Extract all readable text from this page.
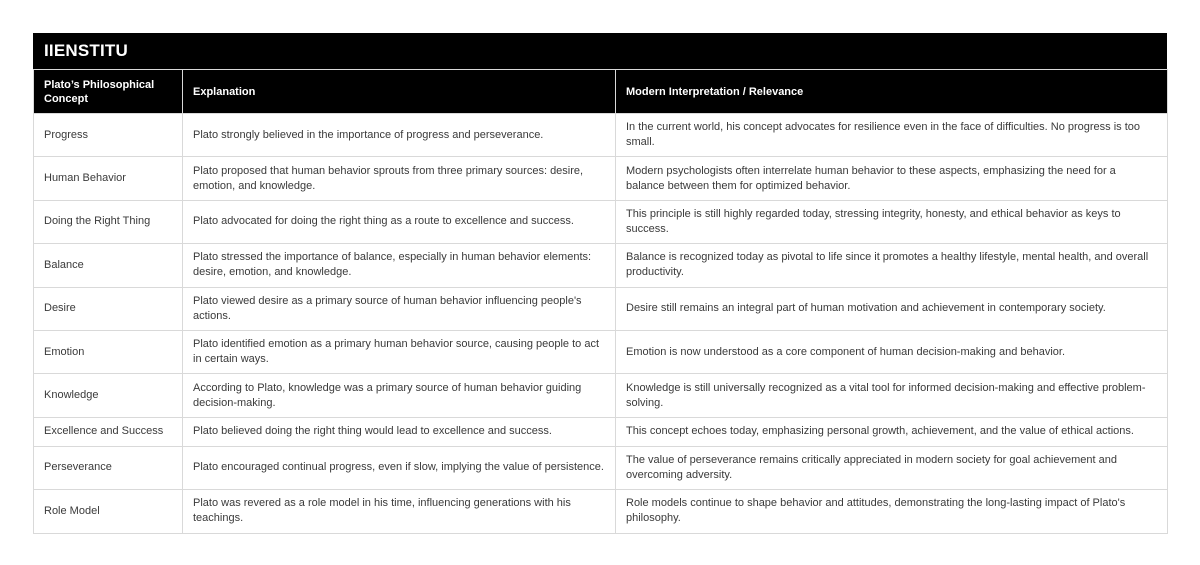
IIENSTITU
Plato’s Philosophical Concept	Explanation	Modern Interpretation / Relevance
Progress	Plato strongly believed in the importance of progress and perseverance.	In the current world, his concept advocates for resilience even in the face of difficulties. No progress is too small.
Human Behavior	Plato proposed that human behavior sprouts from three primary sources: desire, emotion, and knowledge.	Modern psychologists often interrelate human behavior to these aspects, emphasizing the need for a balance between them for optimized behavior.
Doing the Right Thing	Plato advocated for doing the right thing as a route to excellence and success.	This principle is still highly regarded today, stressing integrity, honesty, and ethical behavior as keys to success.
Balance	Plato stressed the importance of balance, especially in human behavior elements: desire, emotion, and knowledge.	Balance is recognized today as pivotal to life since it promotes a healthy lifestyle, mental health, and overall productivity.
Desire	Plato viewed desire as a primary source of human behavior influencing people's actions.	Desire still remains an integral part of human motivation and achievement in contemporary society.
Emotion	Plato identified emotion as a primary human behavior source, causing people to act in certain ways.	Emotion is now understood as a core component of human decision-making and behavior.
Knowledge	According to Plato, knowledge was a primary source of human behavior guiding decision-making.	Knowledge is still universally recognized as a vital tool for informed decision-making and effective problem-solving.
Excellence and Success	Plato believed doing the right thing would lead to excellence and success.	This concept echoes today, emphasizing personal growth, achievement, and the value of ethical actions.
Perseverance	Plato encouraged continual progress, even if slow, implying the value of persistence.	The value of perseverance remains critically appreciated in modern society for goal achievement and overcoming adversity.
Role Model	Plato was revered as a role model in his time, influencing generations with his teachings.	Role models continue to shape behavior and attitudes, demonstrating the long-lasting impact of Plato's philosophy.
